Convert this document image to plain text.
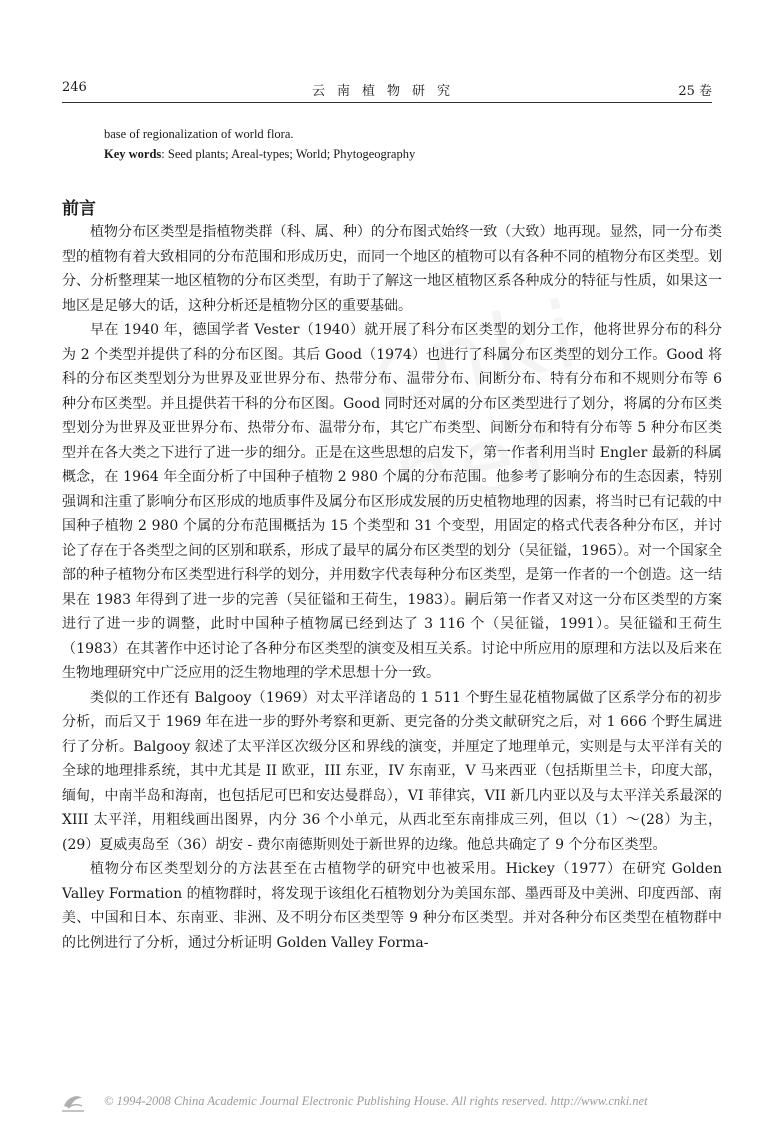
246	云南植物研究	25 卷
base of regionalization of world flora.
Key words: Seed plants; Areal-types; World; Phytogeography
前言

植物分布区类型是指植物类群（科、属、种）的分布图式始终一致（大致）地再现。显然，同一分布类型的植物有着大致相同的分布范围和形成历史，而同一个地区的植物可以有各种不同的植物分布区类型。划分、分析整理某一地区植物的分布区类型，有助于了解这一地区植物区系各种成分的特征与性质，如果这一地区是足够大的话，这种分析还是植物分区的重要基础。

早在 1940 年，德国学者 Vester（1940）就开展了科分布区类型的划分工作，他将世界分布的科分为 2 个类型并提供了科的分布区图。其后 Good（1974）也进行了科属分布区类型的划分工作。Good 将科的分布区类型划分为世界及亚世界分布、热带分布、温带分布、间断分布、特有分布和不规则分布等 6 种分布区类型。并且提供若干科的分布区图。Good 同时还对属的分布区类型进行了划分，将属的分布区类型划分为世界及亚世界分布、热带分布、温带分布，其它广布类型、间断分布和特有分布等 5 种分布区类型并在各大类之下进行了进一步的细分。正是在这些思想的启发下，第一作者利用当时 Engler 最新的科属概念，在 1964 年全面分析了中国种子植物 2 980 个属的分布范围。他参考了影响分布的生态因素，特别强调和注重了影响分布区形成的地质事件及属分布区形成发展的历史植物地理的因素，将当时已有记载的中国种子植物 2 980 个属的分布范围概括为 15 个类型和 31 个变型，用固定的格式代表各种分布区，并讨论了存在于各类型之间的区别和联系，形成了最早的属分布区类型的划分（吴征镒，1965）。对一个国家全部的种子植物分布区类型进行科学的划分，并用数字代表每种分布区类型，是第一作者的一个创造。这一结果在 1983 年得到了进一步的完善（吴征镒和王荷生，1983）。嗣后第一作者又对这一分布区类型的方案进行了进一步的调整，此时中国种子植物属已经到达了 3 116 个（吴征镒，1991）。吴征镒和王荷生（1983）在其著作中还讨论了各种分布区类型的演变及相互关系。讨论中所应用的原理和方法以及后来在生物地理研究中广泛应用的泛生物地理的学术思想十分一致。

类似的工作还有 Balgooy（1969）对太平洋诸岛的 1 511 个野生显花植物属做了区系学分布的初步分析，而后又于 1969 年在进一步的野外考察和更新、更完备的分类文献研究之后，对 1 666 个野生属进行了分析。Balgooy 叙述了太平洋区次级分区和界线的演变，并厘定了地理单元，实则是与太平洋有关的全球的地理排系统，其中尤其是 II 欧亚，III 东亚，IV 东南亚，V 马来西亚（包括斯里兰卡，印度大部，缅甸，中南半岛和海南，也包括尼可巴和安达曼群岛），VI 菲律宾，VII 新几内亚以及与太平洋关系最深的 XIII 太平洋，用粗线画出图界，内分 36 个小单元，从西北至东南排成三列，但以（1）～(28）为主，(29）夏威夷岛至（36）胡安 - 费尔南德斯则处于新世界的边缘。他总共确定了 9 个分布区类型。

植物分布区类型划分的方法甚至在古植物学的研究中也被采用。Hickey（1977）在研究 Golden Valley Formation 的植物群时，将发现于该组化石植物划分为美国东部、墨西哥及中美洲、印度西部、南美、中国和日本、东南亚、非洲、及不明分布区类型等 9 种分布区类型。并对各种分布区类型在植物群中的比例进行了分析，通过分析证明 Golden Valley Forma-

© 1994-2008 China Academic Journal Electronic Publishing House. All rights reserved. http://www.cnki.net
